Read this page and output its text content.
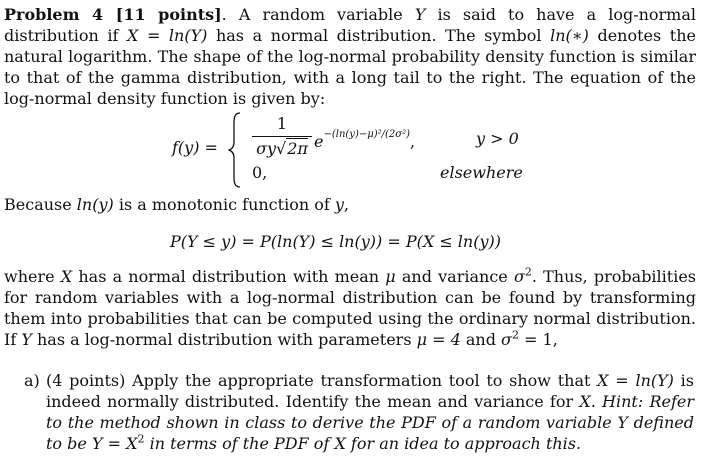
Problem 4 [11 points]. A random variable Y is said to have a log-normal distribution if X = ln(Y) has a normal distribution. The symbol ln(∗) denotes the natural logarithm. The shape of the log-normal probability density function is similar to that of the gamma distribution, with a long tail to the right. The equation of the log-normal density function is given by:
f(y) =
1
σy√2π $e^{-(ln(y)-\mu)^2/(2\sigma^2)}$,	y > 0
0,	elsewhere
Because ln(y) is a monotonic function of y,
P(Y ≤ y) = P(ln(Y) ≤ ln(y)) = P(X ≤ ln(y))
where X has a normal distribution with mean μ and variance $\sigma^2$. Thus, probabilities for random variables with a log-normal distribution can be found by transforming them into probabilities that can be computed using the ordinary normal distribution. If Y has a log-normal distribution with parameters μ = 4 and $\sigma^2 = 1$,
a) (4 points) Apply the appropriate transformation tool to show that X = ln(Y) is indeed normally distributed. Identify the mean and variance for X. Hint: Refer to the method shown in class to derive the PDF of a random variable Y defined to be $Y = X^2$ in terms of the PDF of X for an idea to approach this.
